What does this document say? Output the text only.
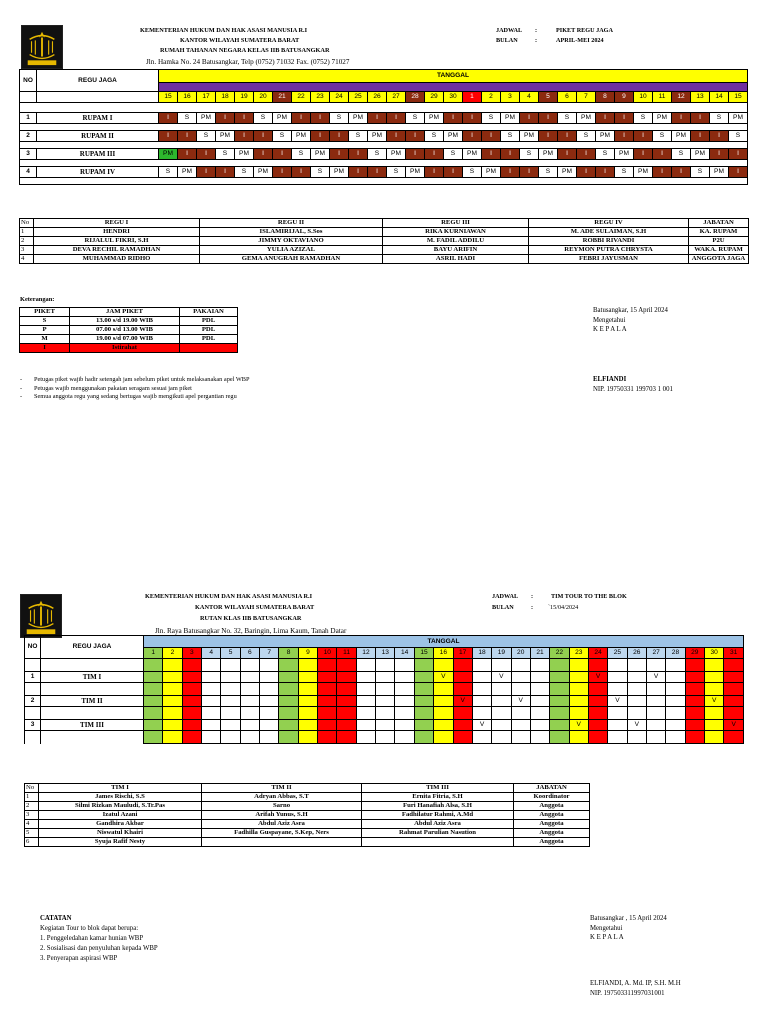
KEMENTERIAN HUKUM DAN HAK ASASI MANUSIA R.I
KANTOR WILAYAH SUMATERA BARAT
RUMAH TAHANAN NEGARA KELAS IIB BATUSANGKAR
Jln. Hamka No. 24 Batusangkar, Telp (0752) 71032 Fax. (0752) 71027
JADWAL :	PIKET REGU JAGA
BULAN	:	APRIL-MEI 2024
NO	REGU JAGA	TANGGAL																														

		15	16	17	18	19	20	21	22	23	24	25	26	27	28	29	30	1	2	3	4	5	6	7	8	9	10	11	12	13	14	15

1	RUPAM I	I	S	PM	I	I	S	PM	I	I	S	PM	I	I	S	PM	I	I	S	PM	I	I	S	PM	I	I	S	PM	I	I	S	PM

2	RUPAM II	I	I	S	PM	I	I	S	PM	I	I	S	PM	I	I	S	PM	I	I	S	PM	I	I	S	PM	I	I	S	PM	I	I	S

3	RUPAM III	PM	I	I	S	PM	I	I	S	PM	I	I	S	PM	I	I	S	PM	I	I	S	PM	I	I	S	PM	I	I	S	PM	I	I

4	RUPAM IV	S	PM	I	I	S	PM	I	I	S	PM	I	I	S	PM	I	I	S	PM	I	I	S	PM	I	I	S	PM	I	I	S	PM	I

No	REGU I	REGU II	REGU III	REGU IV	JABATAN
1	HENDRI	ISLAMIRIJAL, S.Sos	RIKA KURNIAWAN	M. ADE SULAIMAN, S.H	KA. RUPAM
2	RIJALUL FIKRI, S.H	JIMMY OKTAVIANO	M. FADIL ADDILU	ROBBI RIVANDI	P2U
3	DEVA RECHIL RAMADHAN	YULIA AZIZAL	BAYU ARIFIN	REYMON PUTRA CHRYSTA	WAKA. RUPAM
4	MUHAMMAD RIDHO	GEMA ANUGRAH RAMADHAN	ASRIL HADI	FEBRI JAYUSMAN	ANGGOTA JAGA
Keterangan:
PIKET	JAM PIKET	PAKAIAN
S	13.00 s/d 19.00 WIB	PDL
P	07.00 s/d 13.00 WIB	PDL
M	19.00 s/d 07.00 WIB	PDL
I	Istirahat	
- Petugas piket wajib hadir setengah jam sebelum piket untuk melaksanakan apel WBP
- Petugas wajib menggunakan pakaian seragam sesuai jam piket
- Semua anggota regu yang sedang bertugas wajib mengikuti apel pergantian regu
Batusangkar, 15 April 2024
Mengetahui
K E P A L A
ELFIANDI
NIP. 19750331 199703 1 001
KEMENTERIAN HUKUM DAN HAK ASASI MANUSIA R.I
KANTOR WILAYAH SUMATERA BARAT
RUTAN KLAS IIB BATUSANGKAR
Jln. Raya Batusangkar No. 32, Baringin, Lima Kaum, Tanah Datar
JADWAL :	TIM TOUR TO THE BLOK
BULAN	: `15/04/2024
NO	REGU JAGA	TANGGAL																														
		1	2	3	4	5	6	7	8	9	10	11	12	13	14	15	16	17	18	19	20	21	22	23	24	25	26	27	28	29	30	31

1	TIM I																V			V					V			V				

2	TIM II																	V			V					V					V	

3	TIM III																		V					V			V					V

No	TIM I	TIM II	TIM III	JABATAN
1	James Rischi, S.S	Adryan Abbas, S.T	Ernita Fitria, S.H	Koordinator
2	Silmi Rizkan Mauludi, S.Tr.Pas	Sarno	Furi Hanafiah Alsa, S.H	Anggota
3	Izatul Azani	Arifah Yunus, S.H	Fadhilatur Rahmi, A.Md	Anggota
4	Gandhira Akbar	Abdul Aziz Asra	Abdul Aziz Asra	Anggota
5	Niswatul Khairi	Fadhilla Guspayane, S.Kep, Ners	Rahmat Parulian Nasution	Anggota
6	Syuja Rafif Nesty			Anggota
CATATAN
Kegiatan Tour to blok dapat berupa:
1. Penggeledahan kamar hunian WBP
2. Sosialisasi dan penyuluhan kepada WBP
3. Penyerapan aspirasi WBP
Batusangkar , 15 April 2024
Mengetahui
K E P A L A
ELFIANDI, A. Md. IP, S.H. M.H
NIP. 197503311997031001
